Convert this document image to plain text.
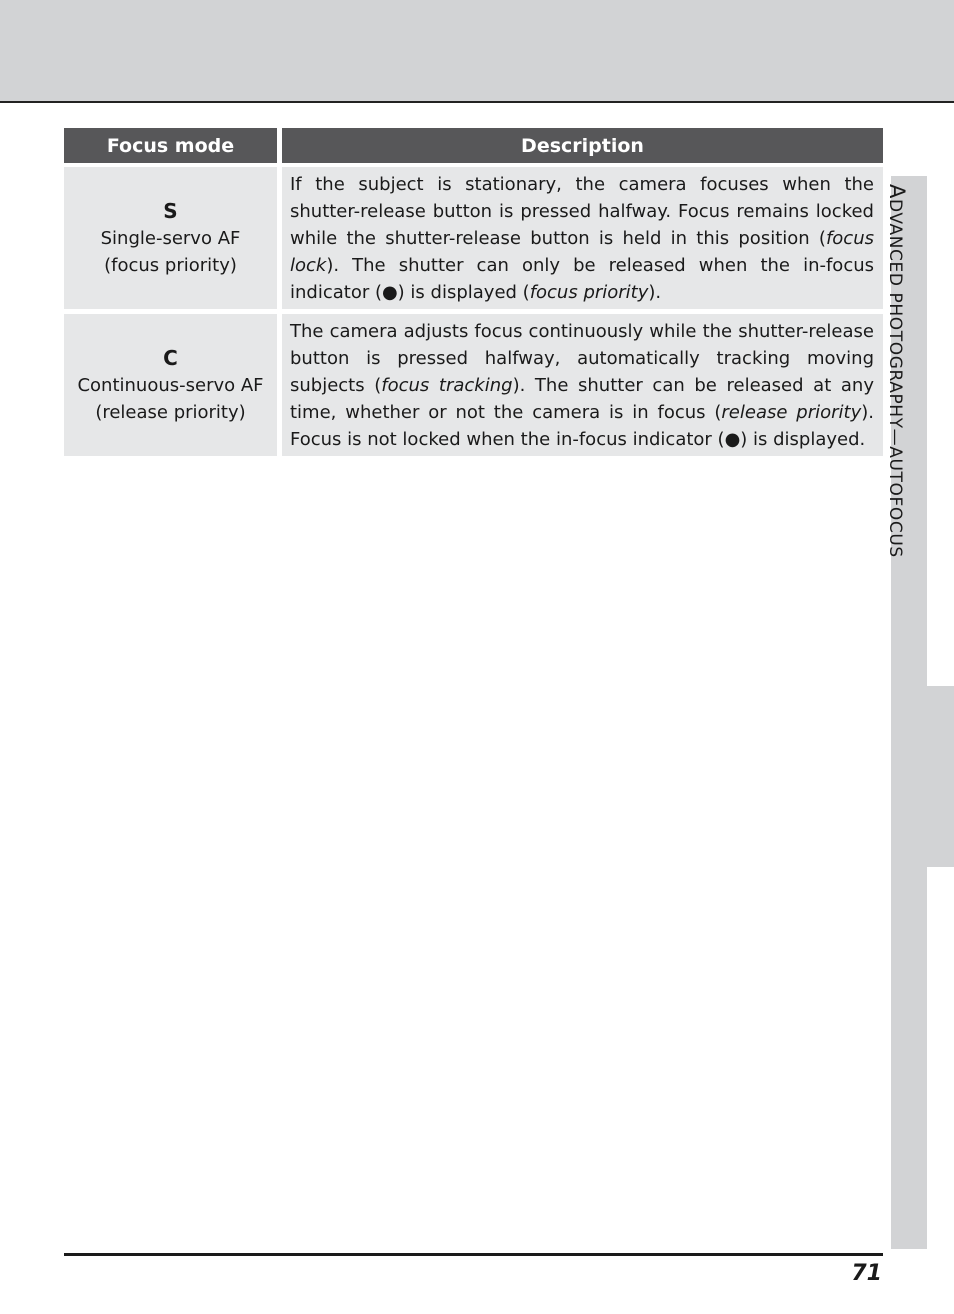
ADVANCED PHOTOGRAPHY—AUTOFOCUS
Focus mode	Description
S
Single-servo AF
(focus priority)
If the subject is stationary, the camera focuses when the shutter-release button is pressed halfway. Focus remains locked while the shutter-release button is held in this position (focus lock). The shutter can only be released when the in-focus indicator (●) is displayed (focus priority).
C
Continuous-servo AF
(release priority)
The camera adjusts focus continuously while the shutter-release button is pressed halfway, automatically tracking moving subjects (focus tracking). The shutter can be released at any time, whether or not the camera is in focus (release priority). Focus is not locked when the in-focus indicator (●) is displayed.
71
